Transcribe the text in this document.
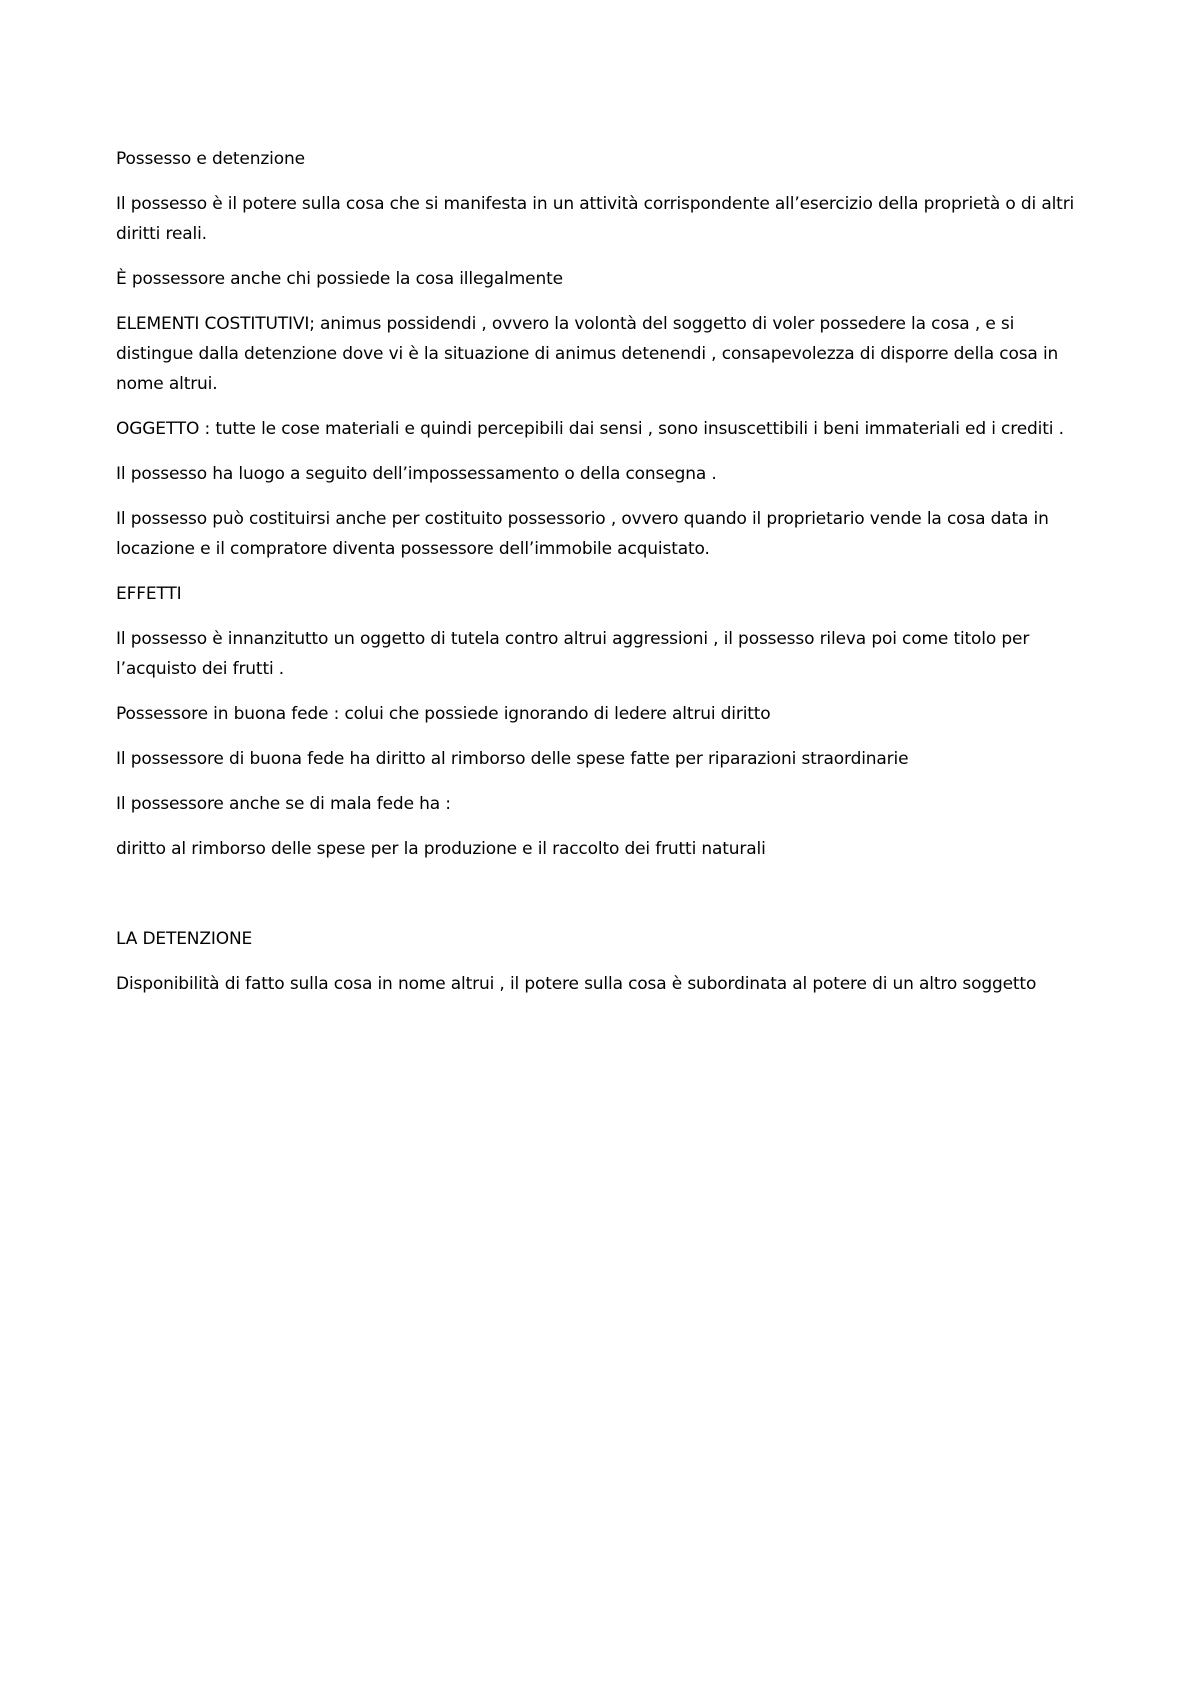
Possesso e detenzione

Il possesso è il potere sulla cosa che si manifesta in un attività corrispondente all’esercizio della proprietà o di altri diritti reali.

È possessore anche chi possiede la cosa illegalmente

ELEMENTI COSTITUTIVI; animus possidendi , ovvero la volontà del soggetto di voler possedere la cosa , e si distingue dalla detenzione dove vi è la situazione di animus detenendi , consapevolezza di disporre della cosa in nome altrui.

OGGETTO : tutte le cose materiali e quindi percepibili dai sensi , sono insuscettibili i beni immateriali ed i crediti .

Il possesso ha luogo a seguito dell’impossessamento o della consegna .

Il possesso può costituirsi anche per costituito possessorio , ovvero quando il proprietario vende la cosa data in locazione e il compratore diventa possessore dell’immobile acquistato.

EFFETTI

Il possesso è innanzitutto un oggetto di tutela contro altrui aggressioni , il possesso rileva poi come titolo per l’acquisto dei frutti .

Possessore in buona fede : colui che possiede ignorando di ledere altrui diritto

Il possessore di buona fede ha diritto al rimborso delle spese fatte per riparazioni straordinarie

Il possessore anche se di mala fede ha :

diritto al rimborso delle spese per la produzione e il raccolto dei frutti naturali

LA DETENZIONE

Disponibilità di fatto sulla cosa in nome altrui , il potere sulla cosa è subordinata al potere di un altro soggetto
